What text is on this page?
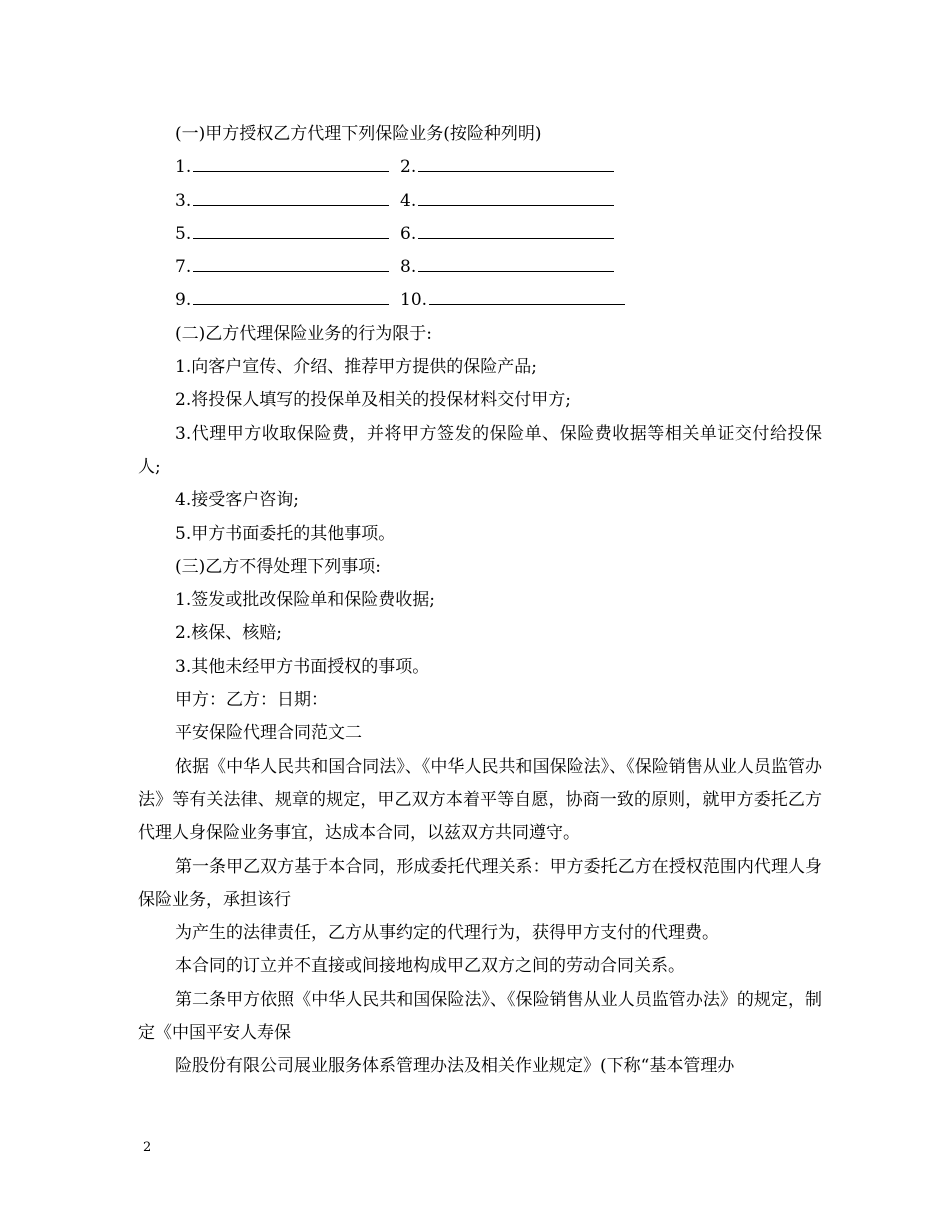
(一)甲方授权乙方代理下列保险业务(按险种列明)

1.	2.
3.	4.
5.	6.
7.	8.
9.	10.

(二)乙方代理保险业务的行为限于:

1.向客户宣传、介绍、推荐甲方提供的保险产品;

2.将投保人填写的投保单及相关的投保材料交付甲方;

3.代理甲方收取保险费，并将甲方签发的保险单、保险费收据等相关单证交付给投保人;

4.接受客户咨询;

5.甲方书面委托的其他事项。

(三)乙方不得处理下列事项:

1.签发或批改保险单和保险费收据;

2.核保、核赔;

3.其他未经甲方书面授权的事项。

甲方：乙方：日期：

平安保险代理合同范文二

依据《中华人民共和国合同法》、《中华人民共和国保险法》、《保险销售从业人员监管办法》等有关法律、规章的规定，甲乙双方本着平等自愿，协商一致的原则，就甲方委托乙方代理人身保险业务事宜，达成本合同，以兹双方共同遵守。

第一条甲乙双方基于本合同，形成委托代理关系：甲方委托乙方在授权范围内代理人身保险业务，承担该行

为产生的法律责任，乙方从事约定的代理行为，获得甲方支付的代理费。

本合同的订立并不直接或间接地构成甲乙双方之间的劳动合同关系。

第二条甲方依照《中华人民共和国保险法》、《保险销售从业人员监管办法》的规定，制定《中国平安人寿保

险股份有限公司展业服务体系管理办法及相关作业规定》(下称“基本管理办

2
